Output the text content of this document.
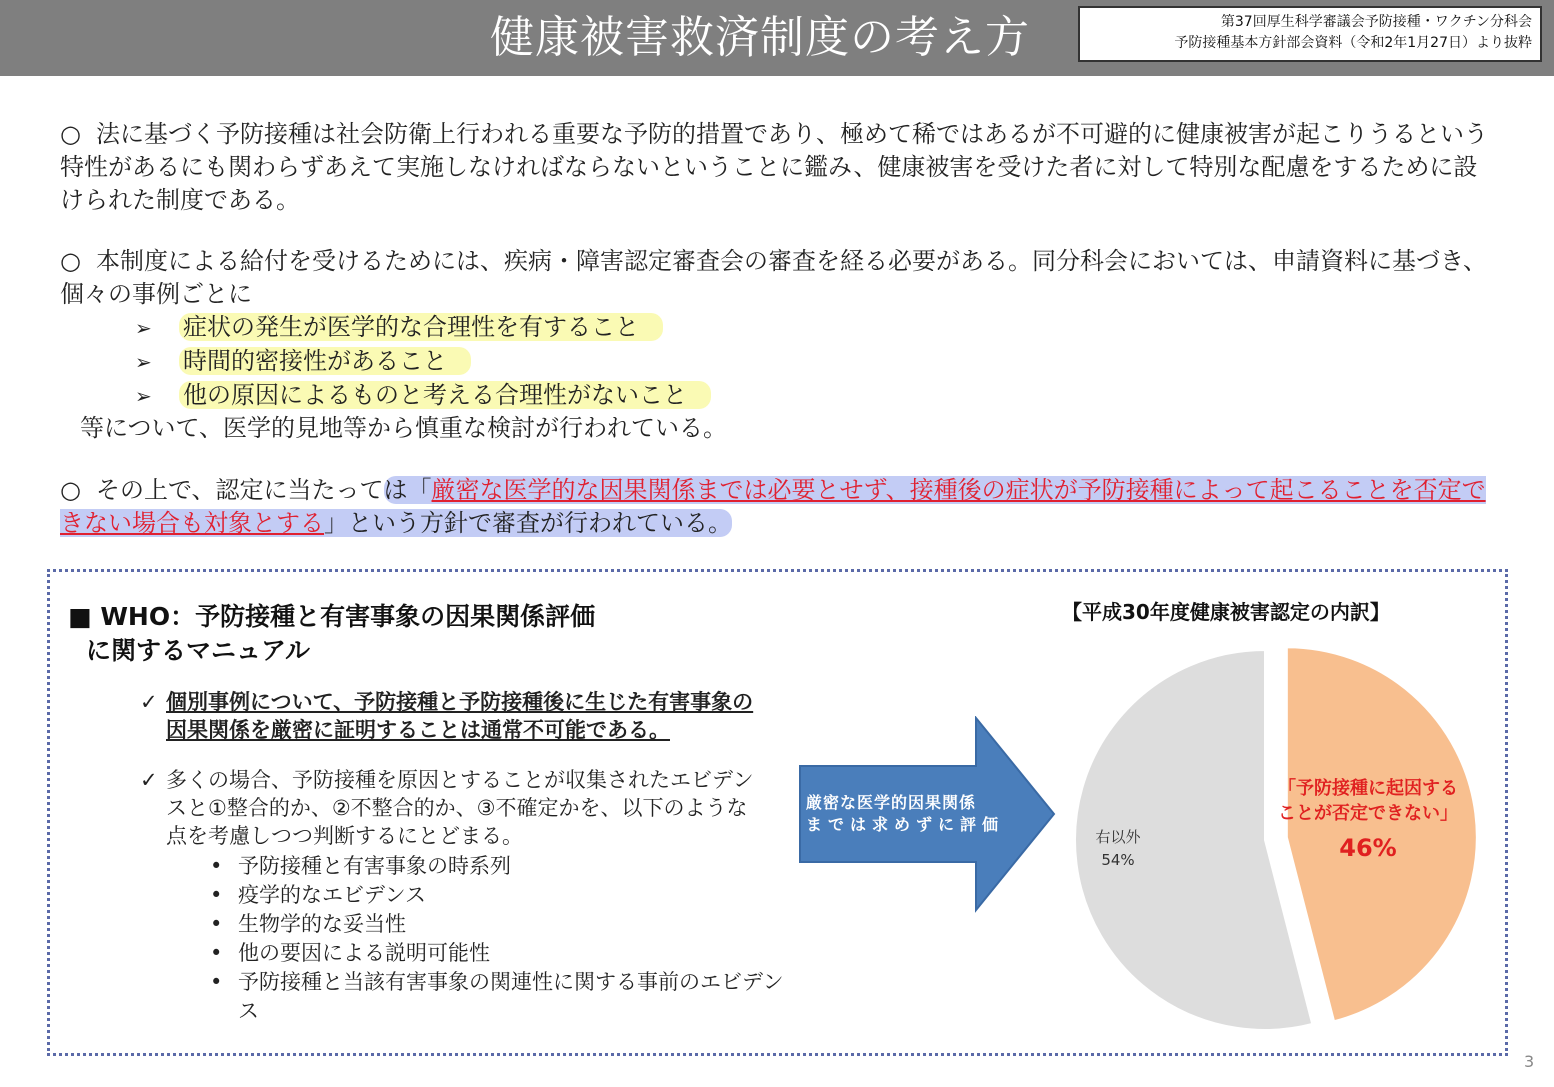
健康被害救済制度の考え方	第37回厚生科学審議会予防接種・ワクチン分科会
予防接種基本方針部会資料（令和2年1月27日）より抜粋
○ 法に基づく予防接種は社会防衛上行われる重要な予防的措置であり、極めて稀ではあるが不可避的に健康被害が起こりうるという特性があるにも関わらずあえて実施しなければならないということに鑑み、健康被害を受けた者に対して特別な配慮をするために設けられた制度である。
○ 本制度による給付を受けるためには、疾病・障害認定審査会の審査を経る必要がある。同分科会においては、申請資料に基づき、個々の事例ごとに
➢ 症状の発生が医学的な合理性を有すること
➢ 時間的密接性があること
➢ 他の原因によるものと考える合理性がないこと
等について、医学的見地等から慎重な検討が行われている。
○ その上で、認定に当たっては「厳密な医学的な因果関係までは必要とせず、接種後の症状が予防接種によって起こることを否定できない場合も対象とする」という方針で審査が行われている。
■ WHO：予防接種と有害事象の因果関係評価
に関するマニュアル
✓ 個別事例について、予防接種と予防接種後に生じた有害事象の因果関係を厳密に証明することは通常不可能である。
✓ 多くの場合、予防接種を原因とすることが収集されたエビデンスと①整合的か、②不整合的か、③不確定かを、以下のような点を考慮しつつ判断するにとどまる。
• 予防接種と有害事象の時系列
• 疫学的なエビデンス
• 生物学的な妥当性
• 他の要因による説明可能性
• 予防接種と当該有害事象の関連性に関する事前のエビデンス
厳密な医学的因果関係
までは求めずに評価
【平成30年度健康被害認定の内訳】
右以外
54%
「予防接種に起因する
ことが否定できない」
46%
3
